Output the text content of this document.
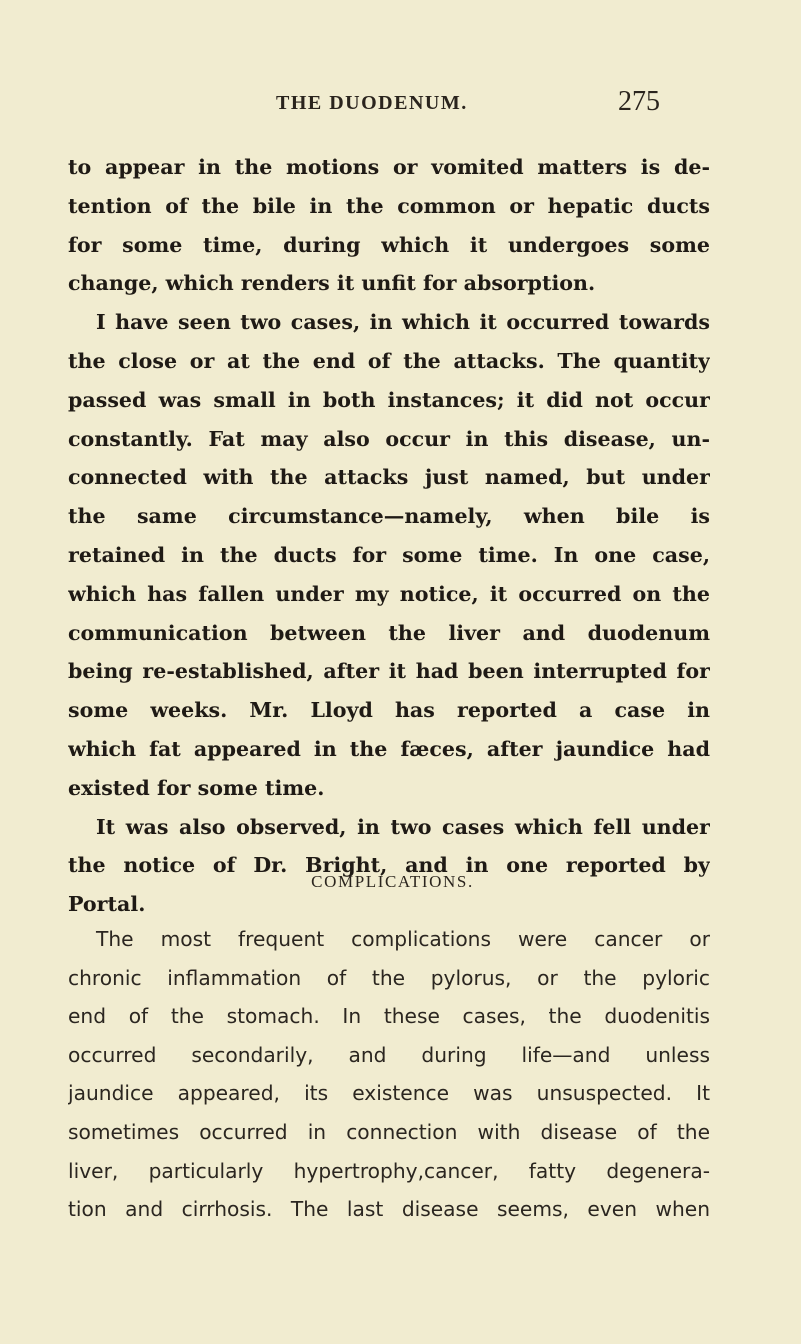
THE DUODENUM.	275
to appear in the motions or vomited matters is de-
tention of the bile in the common or hepatic ducts
for some time, during which it undergoes some
change, which renders it unfit for absorption.
I have seen two cases, in which it occurred towards
the close or at the end of the attacks. The quantity
passed was small in both instances; it did not occur
constantly. Fat may also occur in this disease, un-
connected with the attacks just named, but under
the same circumstance—namely, when bile is
retained in the ducts for some time. In one case,
which has fallen under my notice, it occurred on the
communication between the liver and duodenum
being re-established, after it had been interrupted for
some weeks. Mr. Lloyd has reported a case in
which fat appeared in the fæces, after jaundice had
existed for some time.
It was also observed, in two cases which fell under
the notice of Dr. Bright, and in one reported by
Portal.
COMPLICATIONS.
The most frequent complications were cancer or
chronic inflammation of the pylorus, or the pyloric
end of the stomach. In these cases, the duodenitis
occurred secondarily, and during life—and unless
jaundice appeared, its existence was unsuspected. It
sometimes occurred in connection with disease of the
liver, particularly hypertrophy,cancer, fatty degenera-
tion and cirrhosis. The last disease seems, even when
